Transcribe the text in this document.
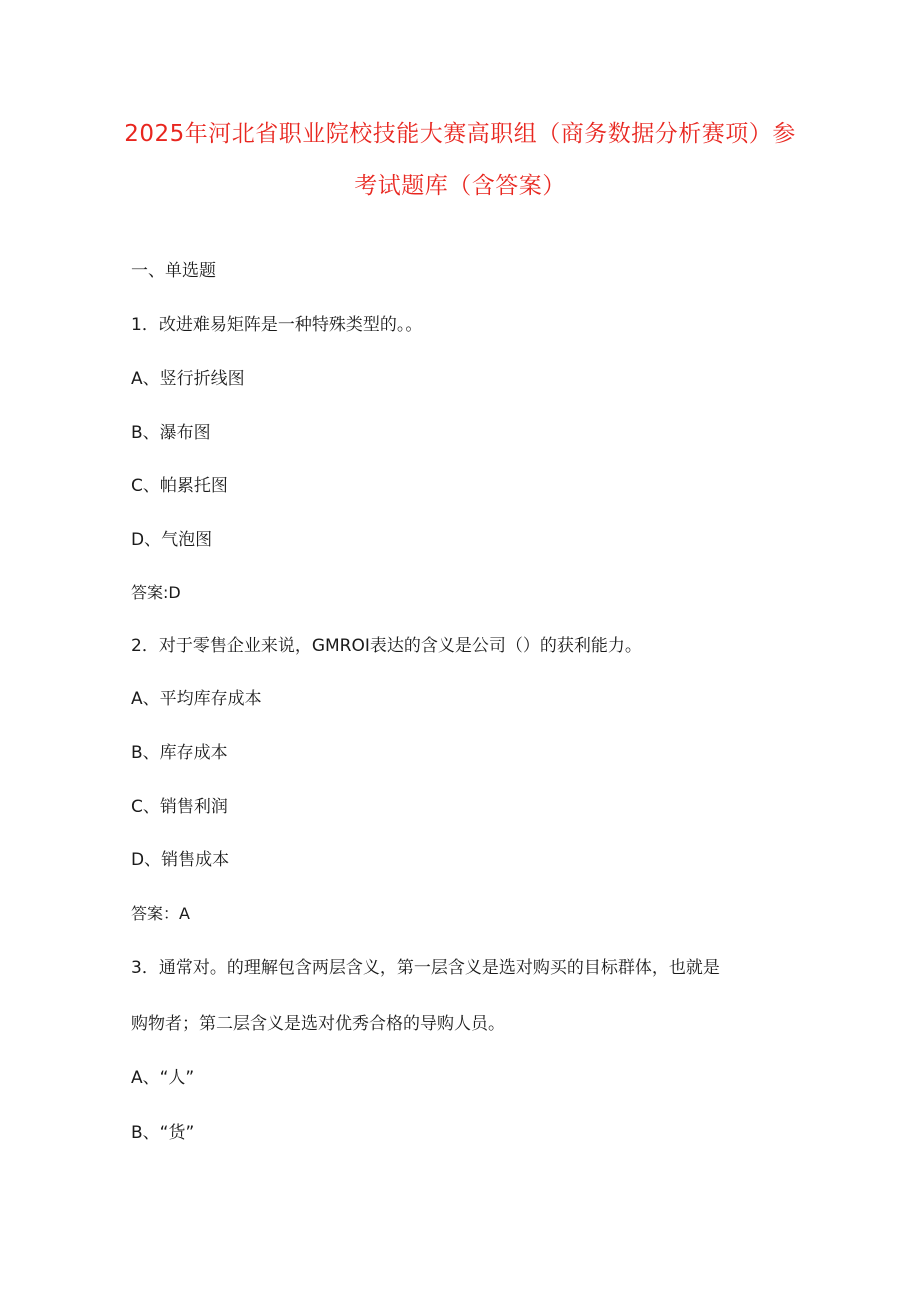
2025年河北省职业院校技能大赛高职组（商务数据分析赛项）参
考试题库（含答案）
一、单选题
1．改进难易矩阵是一种特殊类型的。。
A、竖行折线图
B、瀑布图
C、帕累托图
D、气泡图
答案:D
2．对于零售企业来说，GMROI表达的含义是公司（）的获利能力。
A、平均库存成本
B、库存成本
C、销售利润
D、销售成本
答案：A
3．通常对。的理解包含两层含义，第一层含义是选对购买的目标群体，也就是
购物者；第二层含义是选对优秀合格的导购人员。
A、“人”
B、“货”
